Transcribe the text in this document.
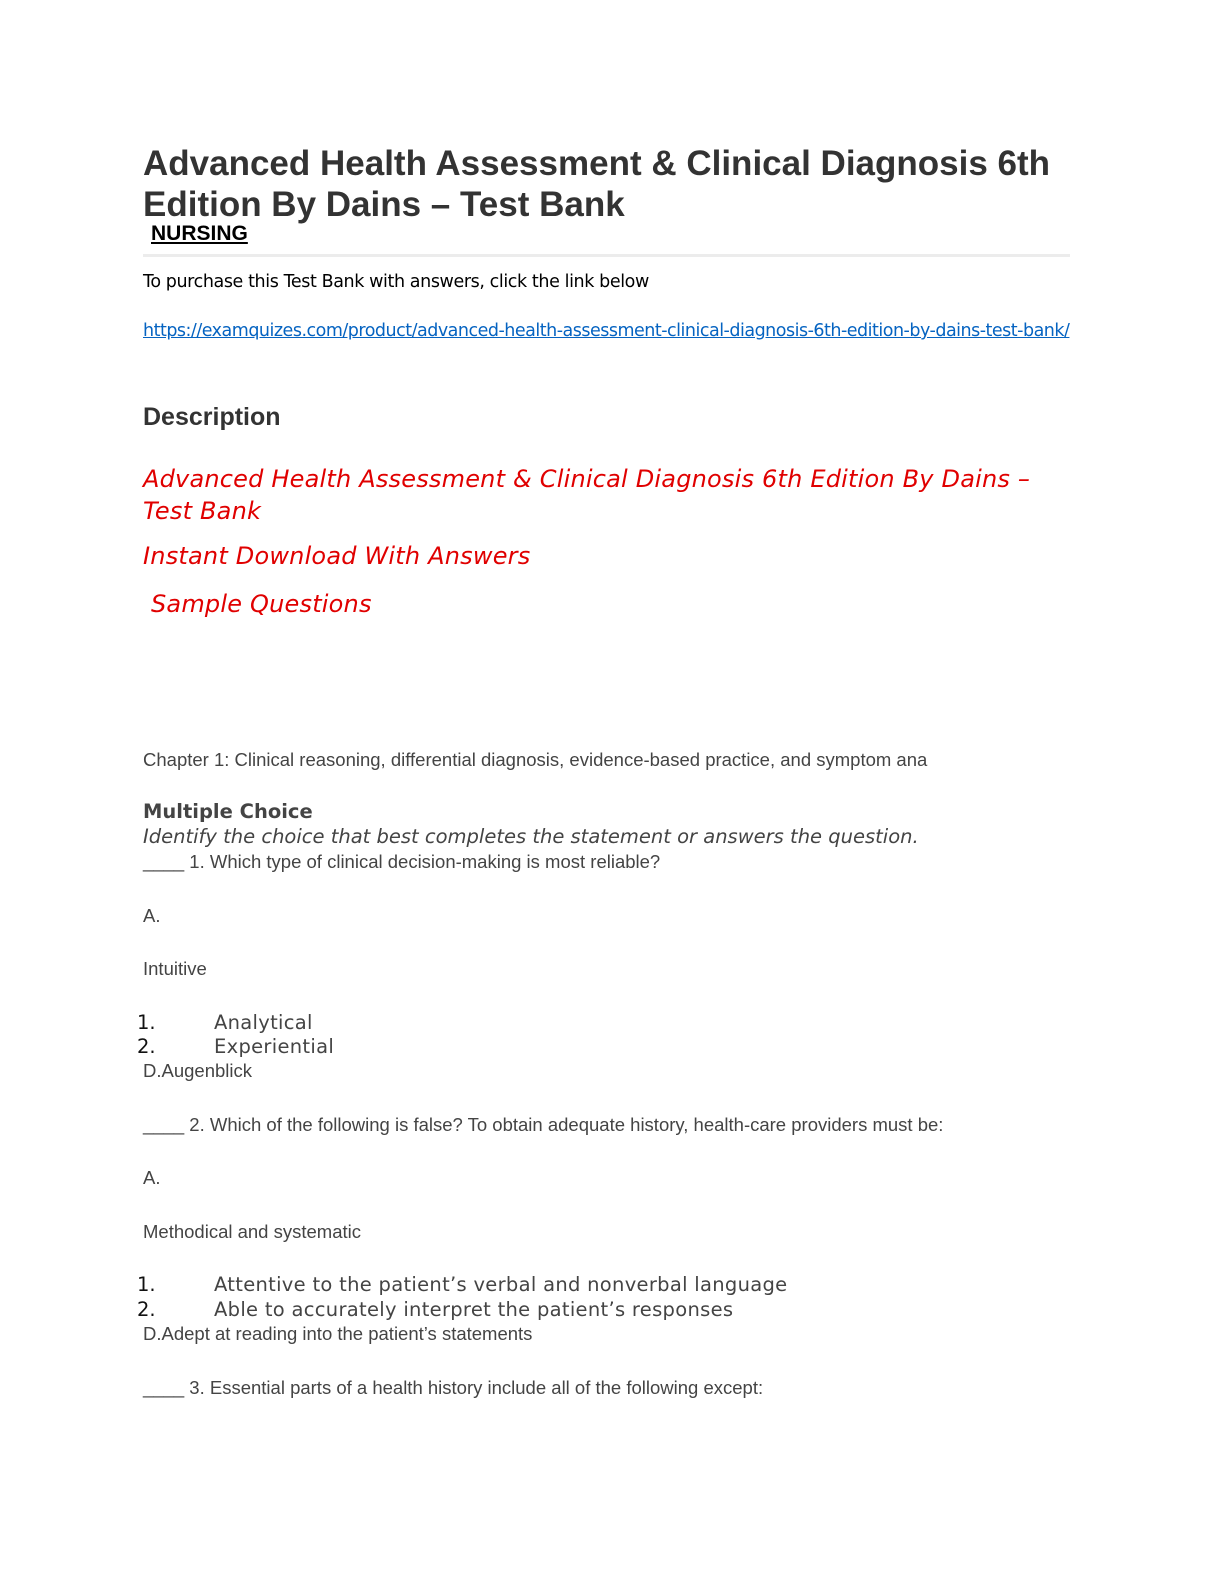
Advanced Health Assessment & Clinical Diagnosis 6th Edition By Dains – Test Bank
NURSING

To purchase this Test Bank with answers, click the link below

https://examquizes.com/product/advanced-health-assessment-clinical-diagnosis-6th-edition-by-dains-test-bank/
Description

Advanced Health Assessment & Clinical Diagnosis 6th Edition By Dains – Test Bank

Instant Download With Answers

Sample Questions

Chapter 1: Clinical reasoning, differential diagnosis, evidence-based practice, and symptom ana

Multiple Choice

Identify the choice that best completes the statement or answers the question.

____ 1. Which type of clinical decision-making is most reliable?

A.

Intuitive

1.	Analytical
2.	Experiential

D.Augenblick

____ 2. Which of the following is false? To obtain adequate history, health-care providers must be:

A.

Methodical and systematic

1.	Attentive to the patient’s verbal and nonverbal language
2.	Able to accurately interpret the patient’s responses

D.Adept at reading into the patient’s statements

____ 3. Essential parts of a health history include all of the following except:
